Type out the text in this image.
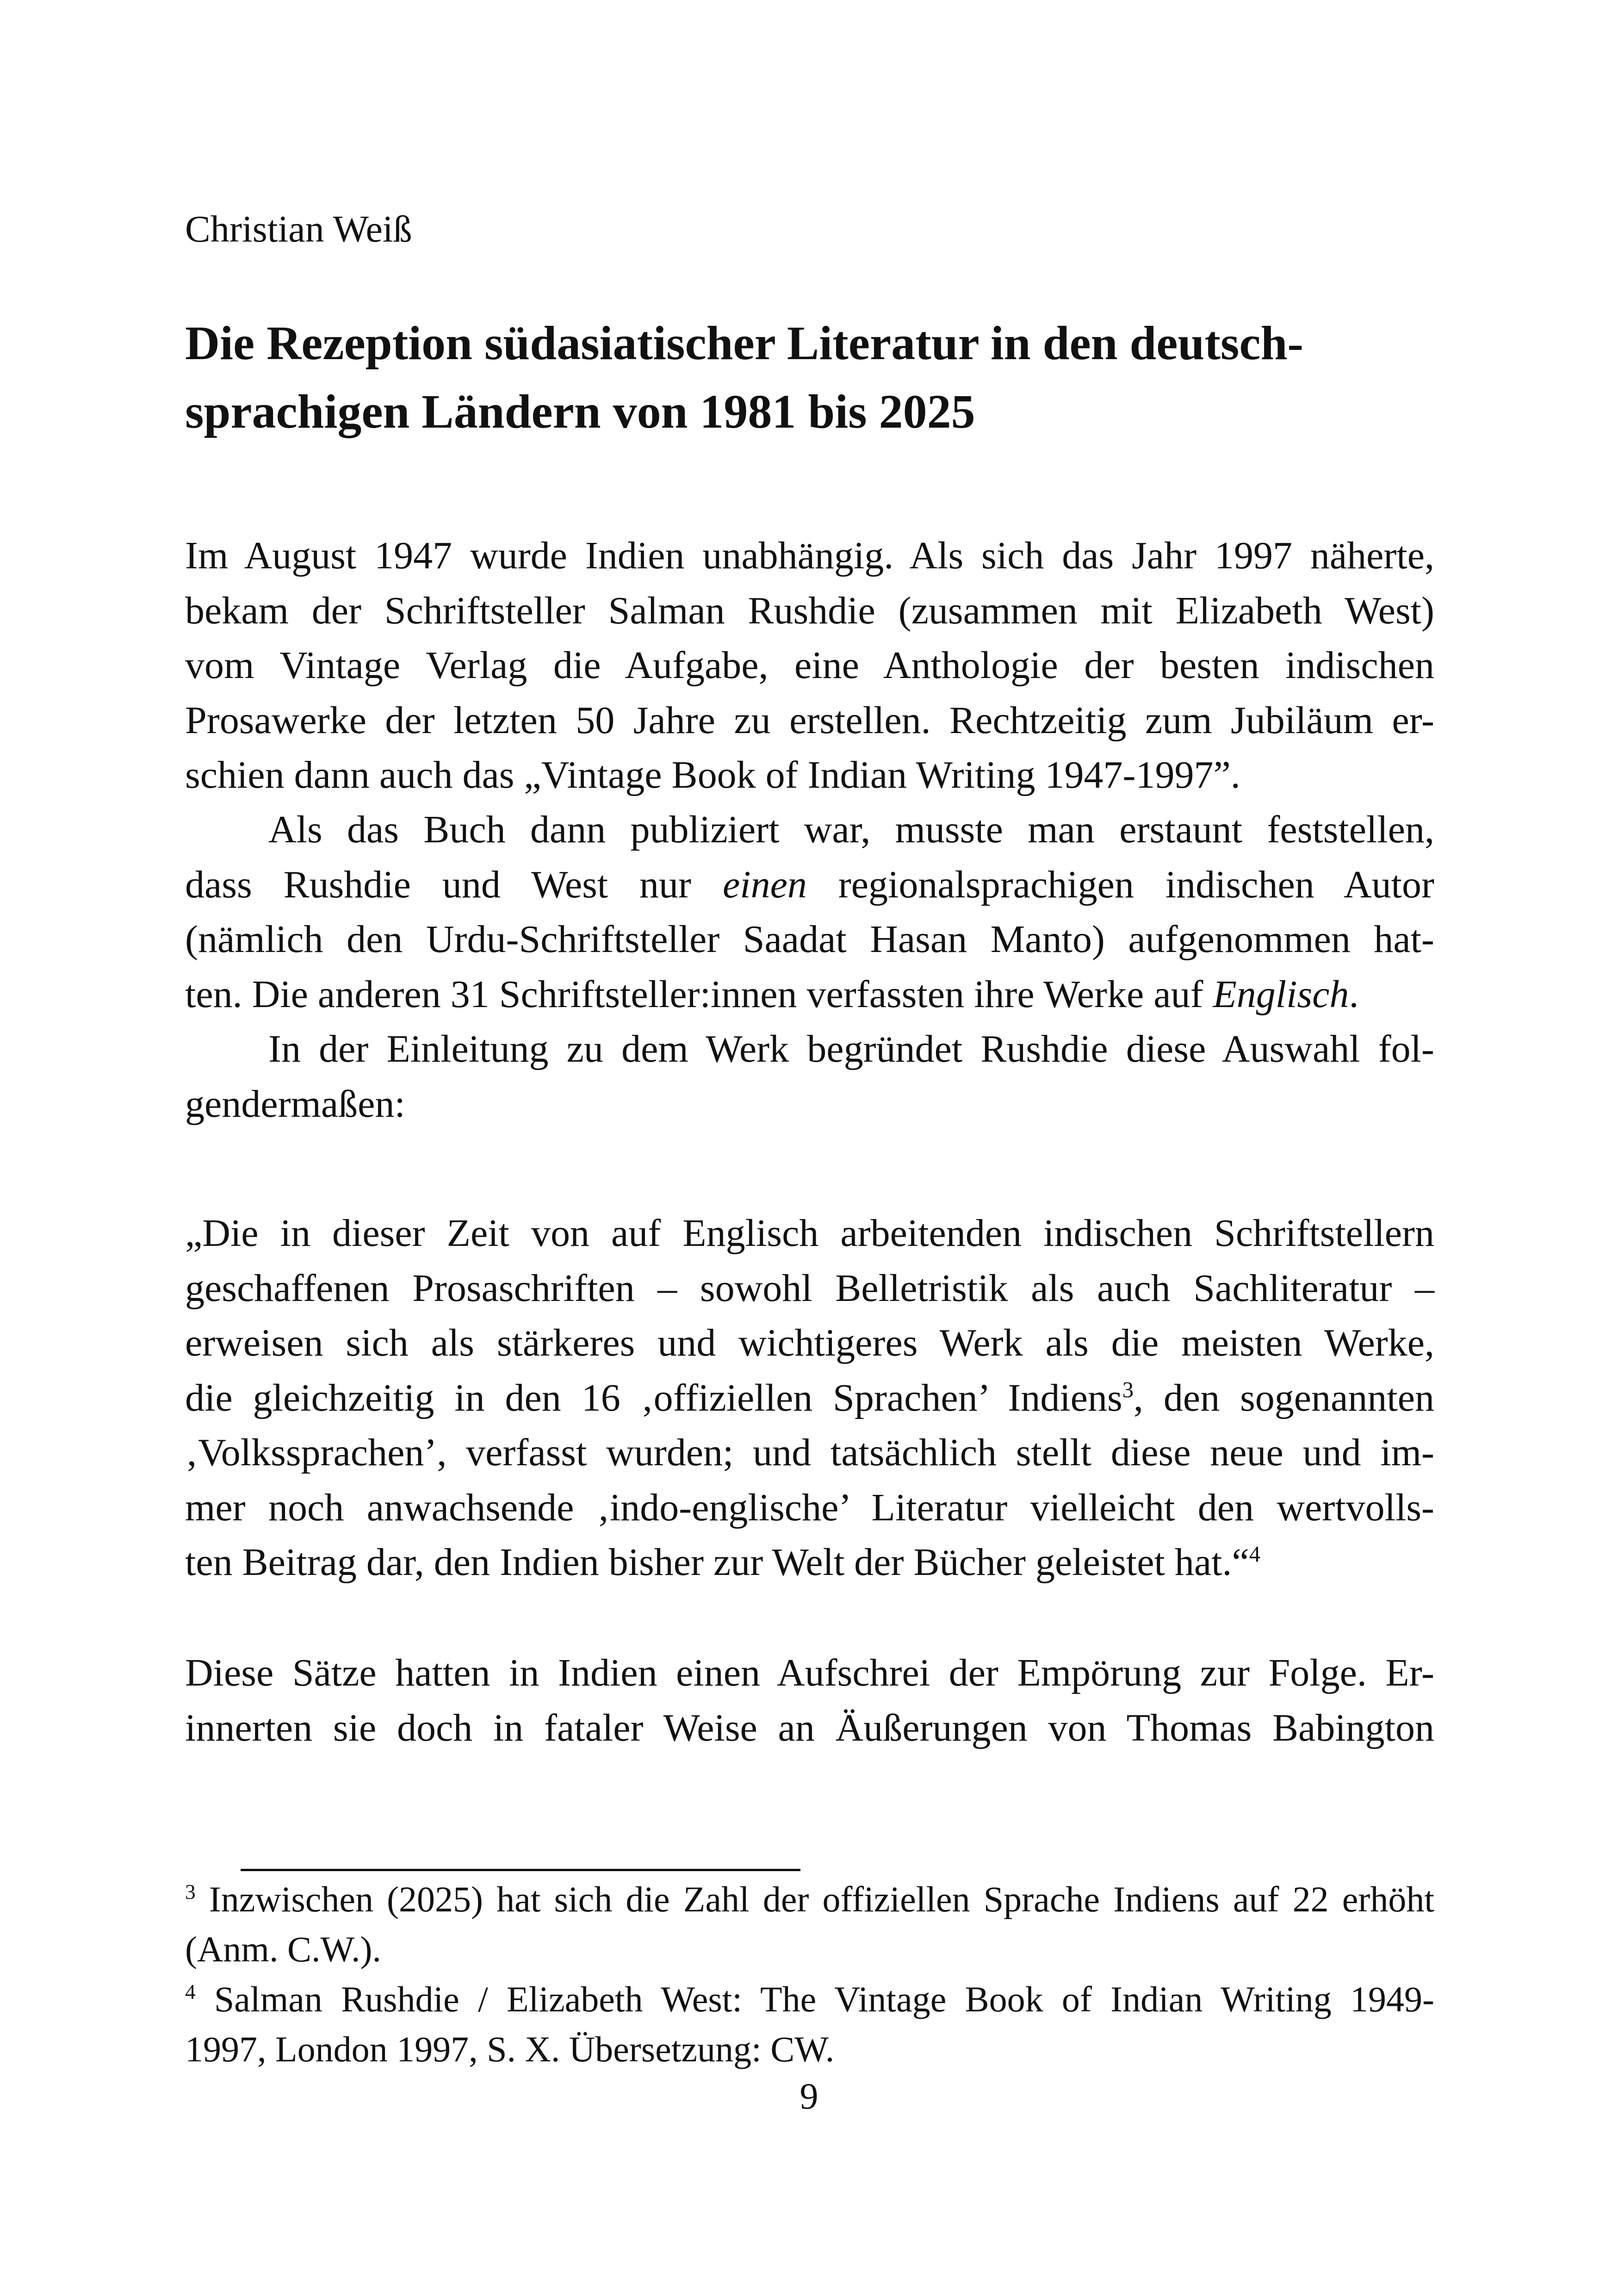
Christian Weiß

Die Rezeption südasiatischer Literatur in den deutsch-
sprachigen Ländern von 1981 bis 2025

Im August 1947 wurde Indien unabhängig. Als sich das Jahr 1997 näherte,
bekam der Schriftsteller Salman Rushdie (zusammen mit Elizabeth West)
vom Vintage Verlag die Aufgabe, eine Anthologie der besten indischen
Prosawerke der letzten 50 Jahre zu erstellen. Rechtzeitig zum Jubiläum er-
schien dann auch das „Vintage Book of Indian Writing 1947-1997”.

Als das Buch dann publiziert war, musste man erstaunt feststellen,
dass Rushdie und West nur einen regionalsprachigen indischen Autor
(nämlich den Urdu-Schriftsteller Saadat Hasan Manto) aufgenommen hat-
ten. Die anderen 31 Schriftsteller:innen verfassten ihre Werke auf Englisch.

In der Einleitung zu dem Werk begründet Rushdie diese Auswahl fol-
gendermaßen:

„Die in dieser Zeit von auf Englisch arbeitenden indischen Schriftstellern
geschaffenen Prosaschriften – sowohl Belletristik als auch Sachliteratur –
erweisen sich als stärkeres und wichtigeres Werk als die meisten Werke,
die gleichzeitig in den 16 ‚offiziellen Sprachen’ Indiens$^3$, den sogenannten
‚Volkssprachen’, verfasst wurden; und tatsächlich stellt diese neue und im-
mer noch anwachsende ‚indo-englische’ Literatur vielleicht den wertvolls-
ten Beitrag dar, den Indien bisher zur Welt der Bücher geleistet hat.“$^4$

Diese Sätze hatten in Indien einen Aufschrei der Empörung zur Folge. Er-
innerten sie doch in fataler Weise an Äußerungen von Thomas Babington

$^3$ Inzwischen (2025) hat sich die Zahl der offiziellen Sprache Indiens auf 22 erhöht
(Anm. C.W.).
$^4$ Salman Rushdie / Elizabeth West: The Vintage Book of Indian Writing 1949-
1997, London 1997, S. X. Übersetzung: CW.

9
